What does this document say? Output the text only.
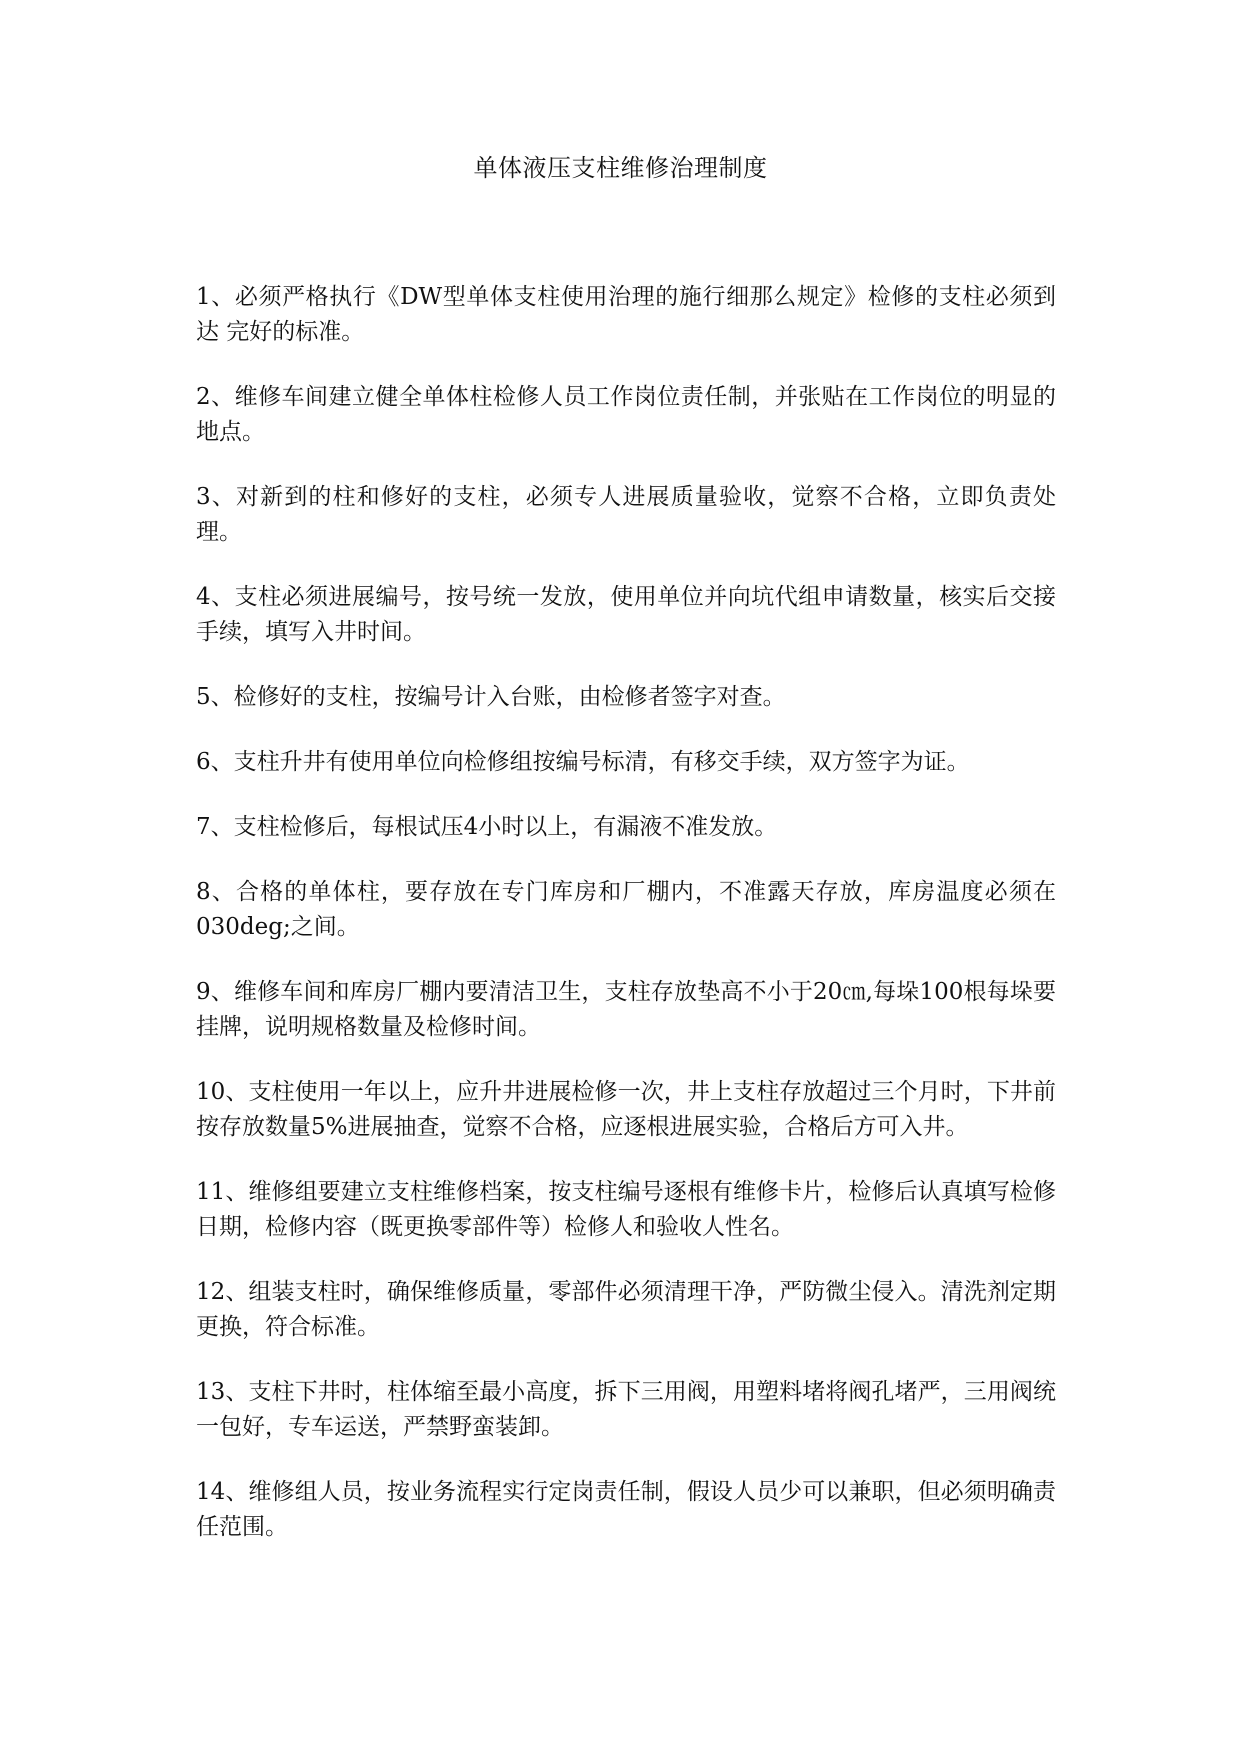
单体液压支柱维修治理制度

1、必须严格执行《DW型单体支柱使用治理的施行细那么规定》检修的支柱必须到达 完好的标准。

2、维修车间建立健全单体柱检修人员工作岗位责任制，并张贴在工作岗位的明显的地点。

3、对新到的柱和修好的支柱，必须专人进展质量验收，觉察不合格，立即负责处理。

4、支柱必须进展编号，按号统一发放，使用单位并向坑代组申请数量，核实后交接手续，填写入井时间。

5、检修好的支柱，按编号计入台账，由检修者签字对查。

6、支柱升井有使用单位向检修组按编号标清，有移交手续，双方签字为证。

7、支柱检修后，每根试压4小时以上，有漏液不准发放。

8、合格的单体柱，要存放在专门库房和厂棚内，不准露天存放，库房温度必须在030deg;之间。

9、维修车间和库房厂棚内要清洁卫生，支柱存放垫高不小于20㎝,每垛100根每垛要挂牌，说明规格数量及检修时间。

10、支柱使用一年以上，应升井进展检修一次，井上支柱存放超过三个月时，下井前按存放数量5%进展抽查，觉察不合格，应逐根进展实验，合格后方可入井。

11、维修组要建立支柱维修档案，按支柱编号逐根有维修卡片，检修后认真填写检修日期，检修内容（既更换零部件等）检修人和验收人性名。

12、组装支柱时，确保维修质量，零部件必须清理干净，严防微尘侵入。清洗剂定期更换，符合标准。

13、支柱下井时，柱体缩至最小高度，拆下三用阀，用塑料堵将阀孔堵严，三用阀统一包好，专车运送，严禁野蛮装卸。

14、维修组人员，按业务流程实行定岗责任制，假设人员少可以兼职，但必须明确责任范围。
